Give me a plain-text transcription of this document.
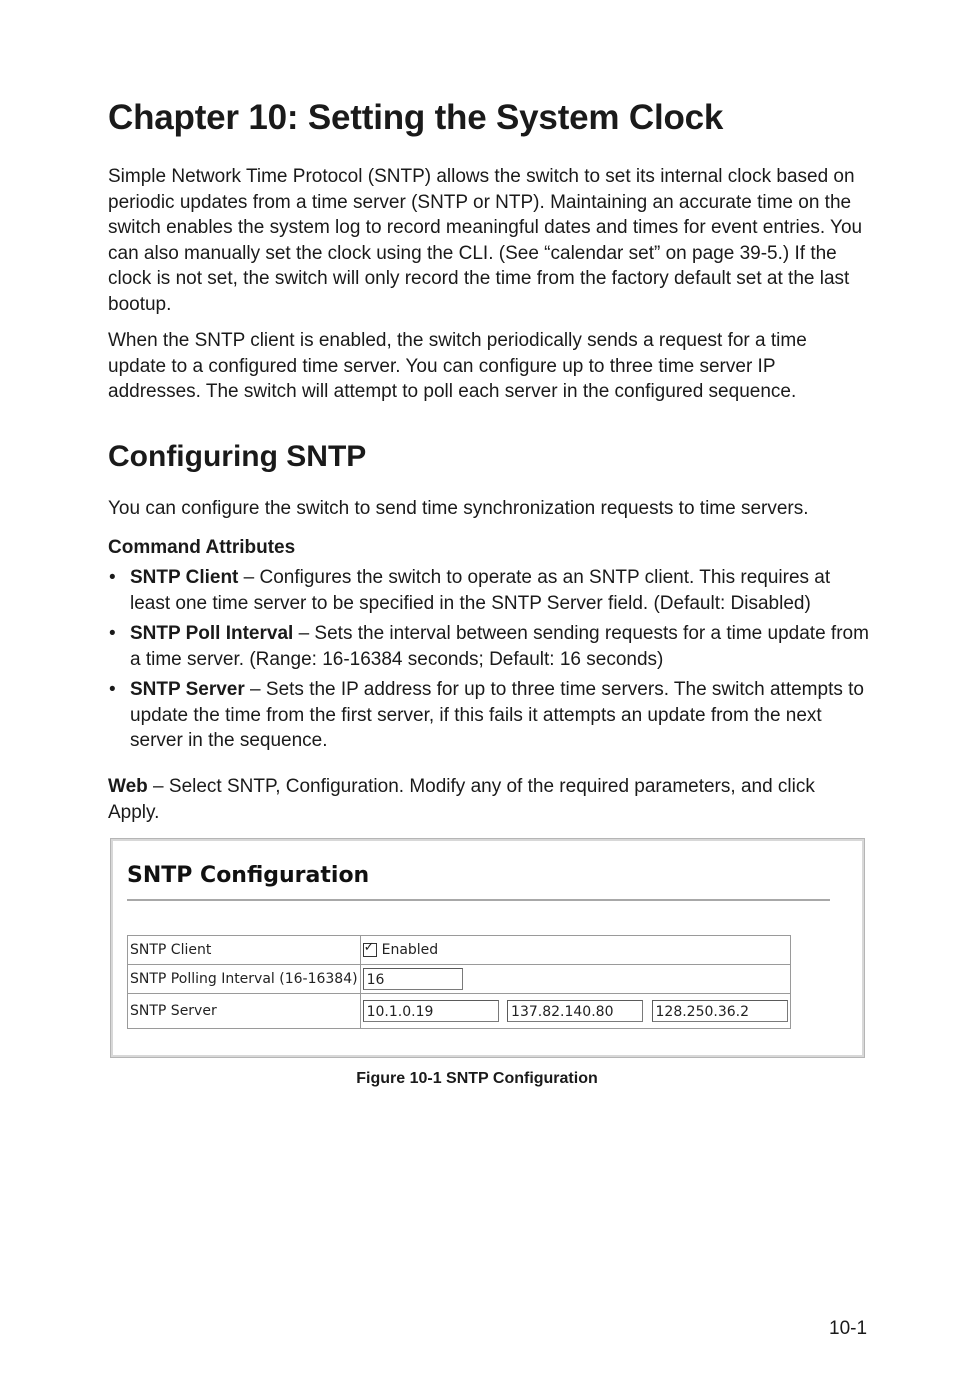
Chapter 10: Setting the System Clock

Simple Network Time Protocol (SNTP) allows the switch to set its internal clock based on periodic updates from a time server (SNTP or NTP). Maintaining an accurate time on the switch enables the system log to record meaningful dates and times for event entries. You can also manually set the clock using the CLI. (See “calendar set” on page 39-5.) If the clock is not set, the switch will only record the time from the factory default set at the last bootup.

When the SNTP client is enabled, the switch periodically sends a request for a time update to a configured time server. You can configure up to three time server IP addresses. The switch will attempt to poll each server in the configured sequence.

Configuring SNTP

You can configure the switch to send time synchronization requests to time servers.

Command Attributes

• SNTP Client – Configures the switch to operate as an SNTP client. This requires at least one time server to be specified in the SNTP Server field. (Default: Disabled)
• SNTP Poll Interval – Sets the interval between sending requests for a time update from a time server. (Range: 16-16384 seconds; Default: 16 seconds)
• SNTP Server – Sets the IP address for up to three time servers. The switch attempts to update the time from the first server, if this fails it attempts an update from the next server in the sequence.

Web – Select SNTP, Configuration. Modify any of the required parameters, and click Apply.

SNTP Configuration

SNTP Client	✓Enabled
SNTP Polling Interval (16-16384)	16
SNTP Server	10.1.0.19 137.82.140.80 128.250.36.2
Figure 10-1 SNTP Configuration
10-1
